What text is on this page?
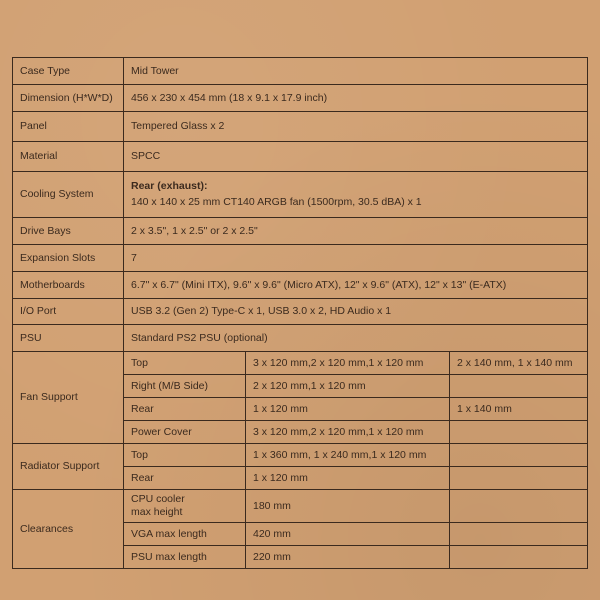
Case Type	Mid Tower		
Dimension (H*W*D)	456 x 230 x 454 mm (18 x 9.1 x 17.9 inch)		
Panel	Tempered Glass x 2		
Material	SPCC		
Cooling System	Rear (exhaust):
140 x 140 x 25 mm CT140 ARGB fan (1500rpm, 30.5 dBA) x 1		

Drive Bays	2 x 3.5", 1 x 2.5" or 2 x 2.5"		
Expansion Slots	7		
Motherboards	6.7" x 6.7" (Mini ITX), 9.6" x 9.6" (Micro ATX), 12" x 9.6" (ATX), 12" x 13" (E-ATX)		
I/O Port	USB 3.2 (Gen 2) Type-C x 1, USB 3.0 x 2, HD Audio x 1		
PSU	Standard PS2 PSU (optional)		
Fan Support	Top	3 x 120 mm,2 x 120 mm,1 x 120 mm	2 x 140 mm, 1 x 140 mm
	Right (M/B Side)	2 x 120 mm,1 x 120 mm	
	Rear	1 x 120 mm	1 x 140 mm
	Power Cover	3 x 120 mm,2 x 120 mm,1 x 120 mm	
Radiator Support	Top	1 x 360 mm, 1 x 240 mm,1 x 120 mm	
	Rear	1 x 120 mm	
Clearances	CPU cooler
max height	180 mm	
	VGA max length	420 mm	
	PSU max length	220 mm	
